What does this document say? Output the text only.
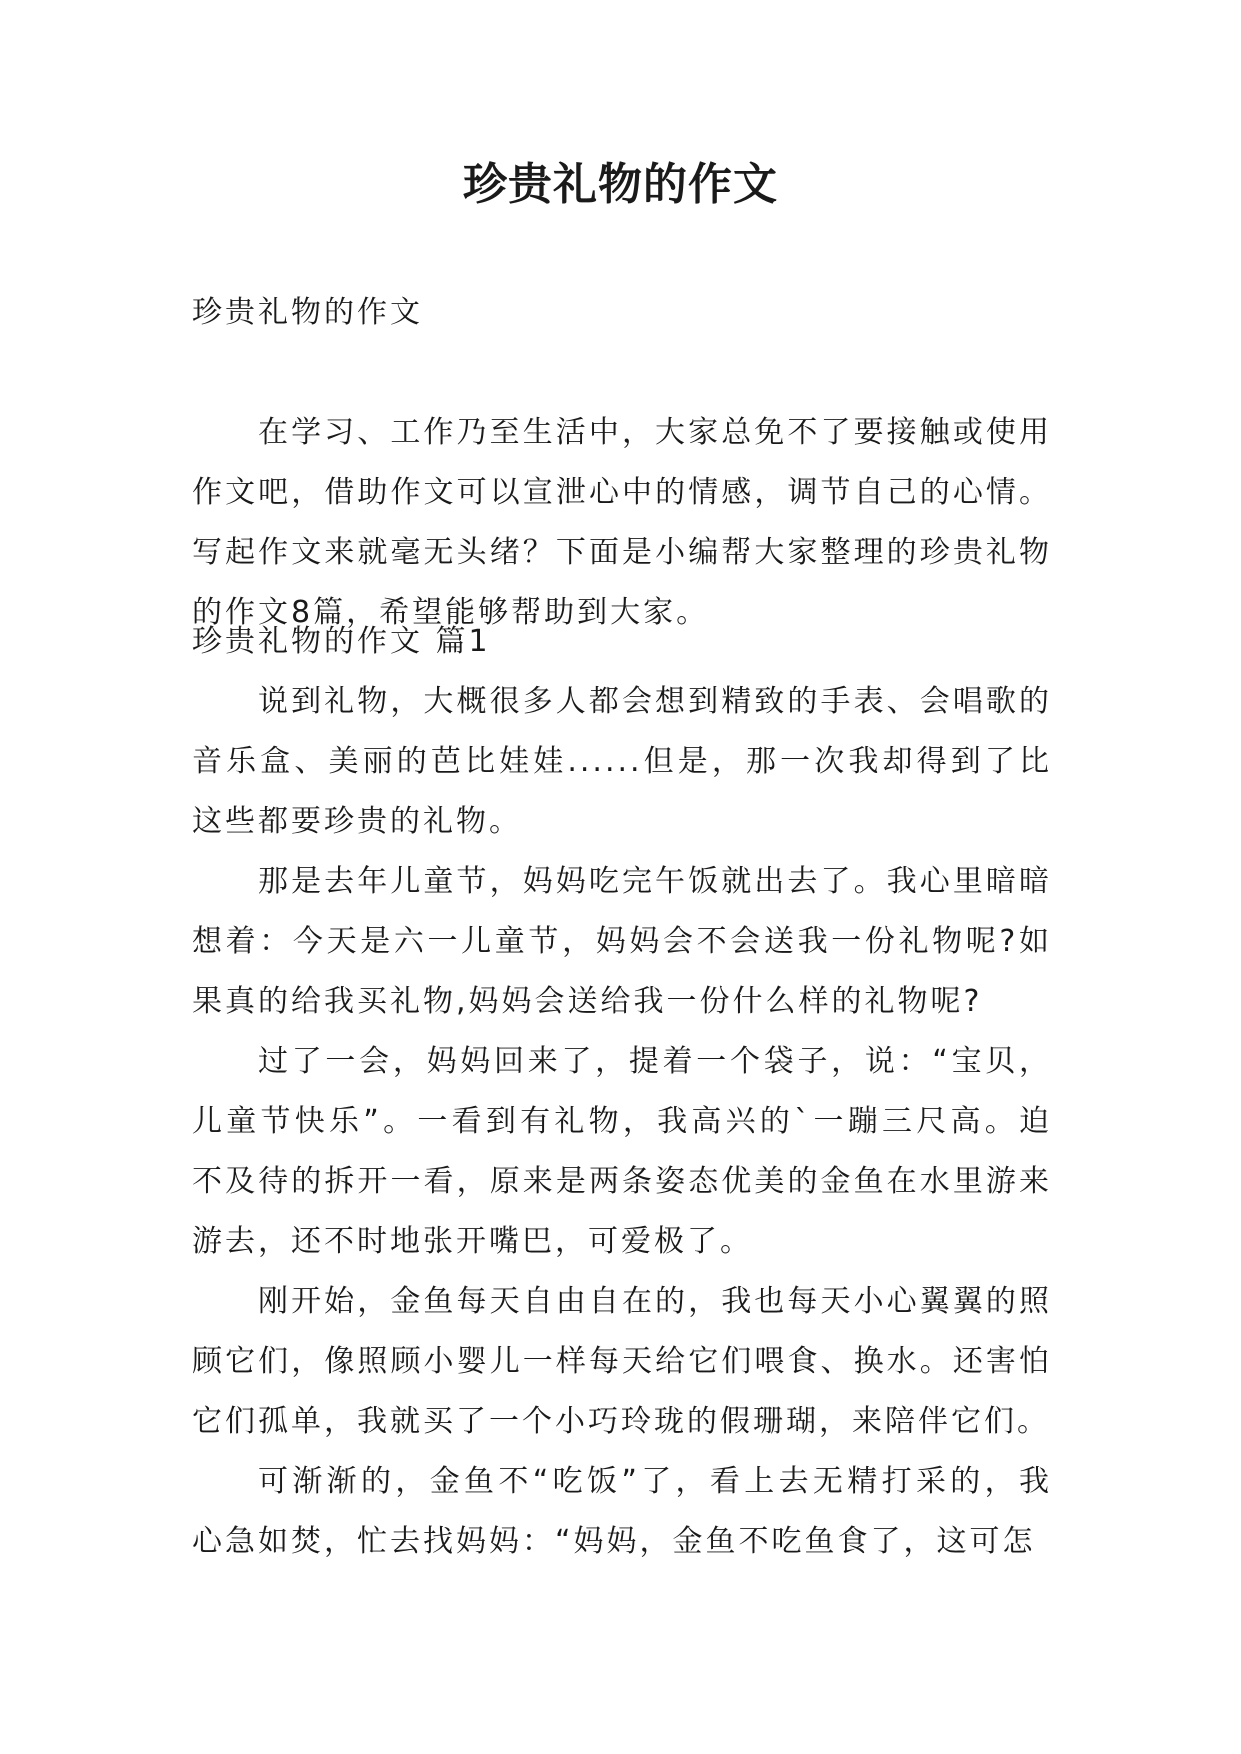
珍贵礼物的作文
珍贵礼物的作文

在学习、工作乃至生活中，大家总免不了要接触或使用作文吧，借助作文可以宣泄心中的情感，调节自己的心情。写起作文来就毫无头绪？下面是小编帮大家整理的珍贵礼物的作文8篇，希望能够帮助到大家。

珍贵礼物的作文 篇1

说到礼物，大概很多人都会想到精致的手表、会唱歌的音乐盒、美丽的芭比娃娃......但是，那一次我却得到了比这些都要珍贵的礼物。

那是去年儿童节，妈妈吃完午饭就出去了。我心里暗暗想着：今天是六一儿童节，妈妈会不会送我一份礼物呢?如果真的给我买礼物,妈妈会送给我一份什么样的礼物呢?

过了一会，妈妈回来了，提着一个袋子，说：“宝贝，儿童节快乐”。一看到有礼物，我高兴的`一蹦三尺高。迫不及待的拆开一看，原来是两条姿态优美的金鱼在水里游来游去，还不时地张开嘴巴，可爱极了。

刚开始，金鱼每天自由自在的，我也每天小心翼翼的照顾它们，像照顾小婴儿一样每天给它们喂食、换水。还害怕它们孤单，我就买了一个小巧玲珑的假珊瑚，来陪伴它们。

可渐渐的，金鱼不“吃饭”了，看上去无精打采的，我心急如焚，忙去找妈妈：“妈妈，金鱼不吃鱼食了，这可怎
